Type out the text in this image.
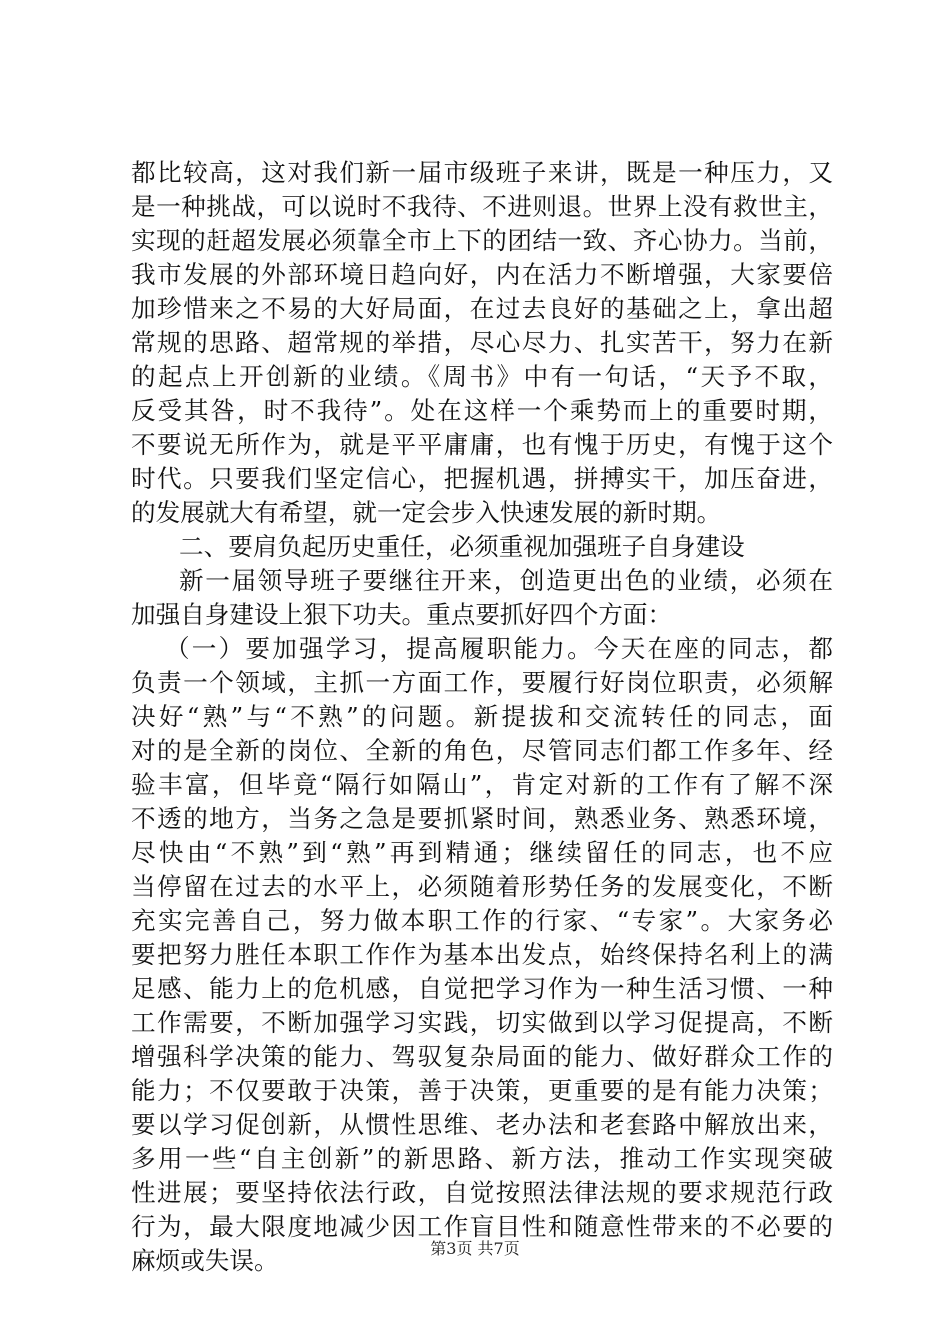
都比较高，这对我们新一届市级班子来讲，既是一种压力，又
是一种挑战，可以说时不我待、不进则退。世界上没有救世主，
实现的赶超发展必须靠全市上下的团结一致、齐心协力。当前，
我市发展的外部环境日趋向好，内在活力不断增强，大家要倍
加珍惜来之不易的大好局面，在过去良好的基础之上，拿出超
常规的思路、超常规的举措，尽心尽力、扎实苦干，努力在新
的起点上开创新的业绩。《周书》中有一句话，“天予不取，
反受其咎，时不我待”。处在这样一个乘势而上的重要时期，
不要说无所作为，就是平平庸庸，也有愧于历史，有愧于这个
时代。只要我们坚定信心，把握机遇，拼搏实干，加压奋进，
的发展就大有希望，就一定会步入快速发展的新时期。
二、要肩负起历史重任，必须重视加强班子自身建设
新一届领导班子要继往开来，创造更出色的业绩，必须在
加强自身建设上狠下功夫。重点要抓好四个方面：
（一）要加强学习，提高履职能力。今天在座的同志，都
负责一个领域，主抓一方面工作，要履行好岗位职责，必须解
决好“熟”与“不熟”的问题。新提拔和交流转任的同志，面
对的是全新的岗位、全新的角色，尽管同志们都工作多年、经
验丰富，但毕竟“隔行如隔山”，肯定对新的工作有了解不深
不透的地方，当务之急是要抓紧时间，熟悉业务、熟悉环境，
尽快由“不熟”到“熟”再到精通；继续留任的同志，也不应
当停留在过去的水平上，必须随着形势任务的发展变化，不断
充实完善自己，努力做本职工作的行家、“专家”。大家务必
要把努力胜任本职工作作为基本出发点，始终保持名利上的满
足感、能力上的危机感，自觉把学习作为一种生活习惯、一种
工作需要，不断加强学习实践，切实做到以学习促提高，不断
增强科学决策的能力、驾驭复杂局面的能力、做好群众工作的
能力；不仅要敢于决策，善于决策，更重要的是有能力决策；
要以学习促创新，从惯性思维、老办法和老套路中解放出来，
多用一些“自主创新”的新思路、新方法，推动工作实现突破
性进展；要坚持依法行政，自觉按照法律法规的要求规范行政
行为，最大限度地减少因工作盲目性和随意性带来的不必要的
麻烦或失误。	第3页 共7页
